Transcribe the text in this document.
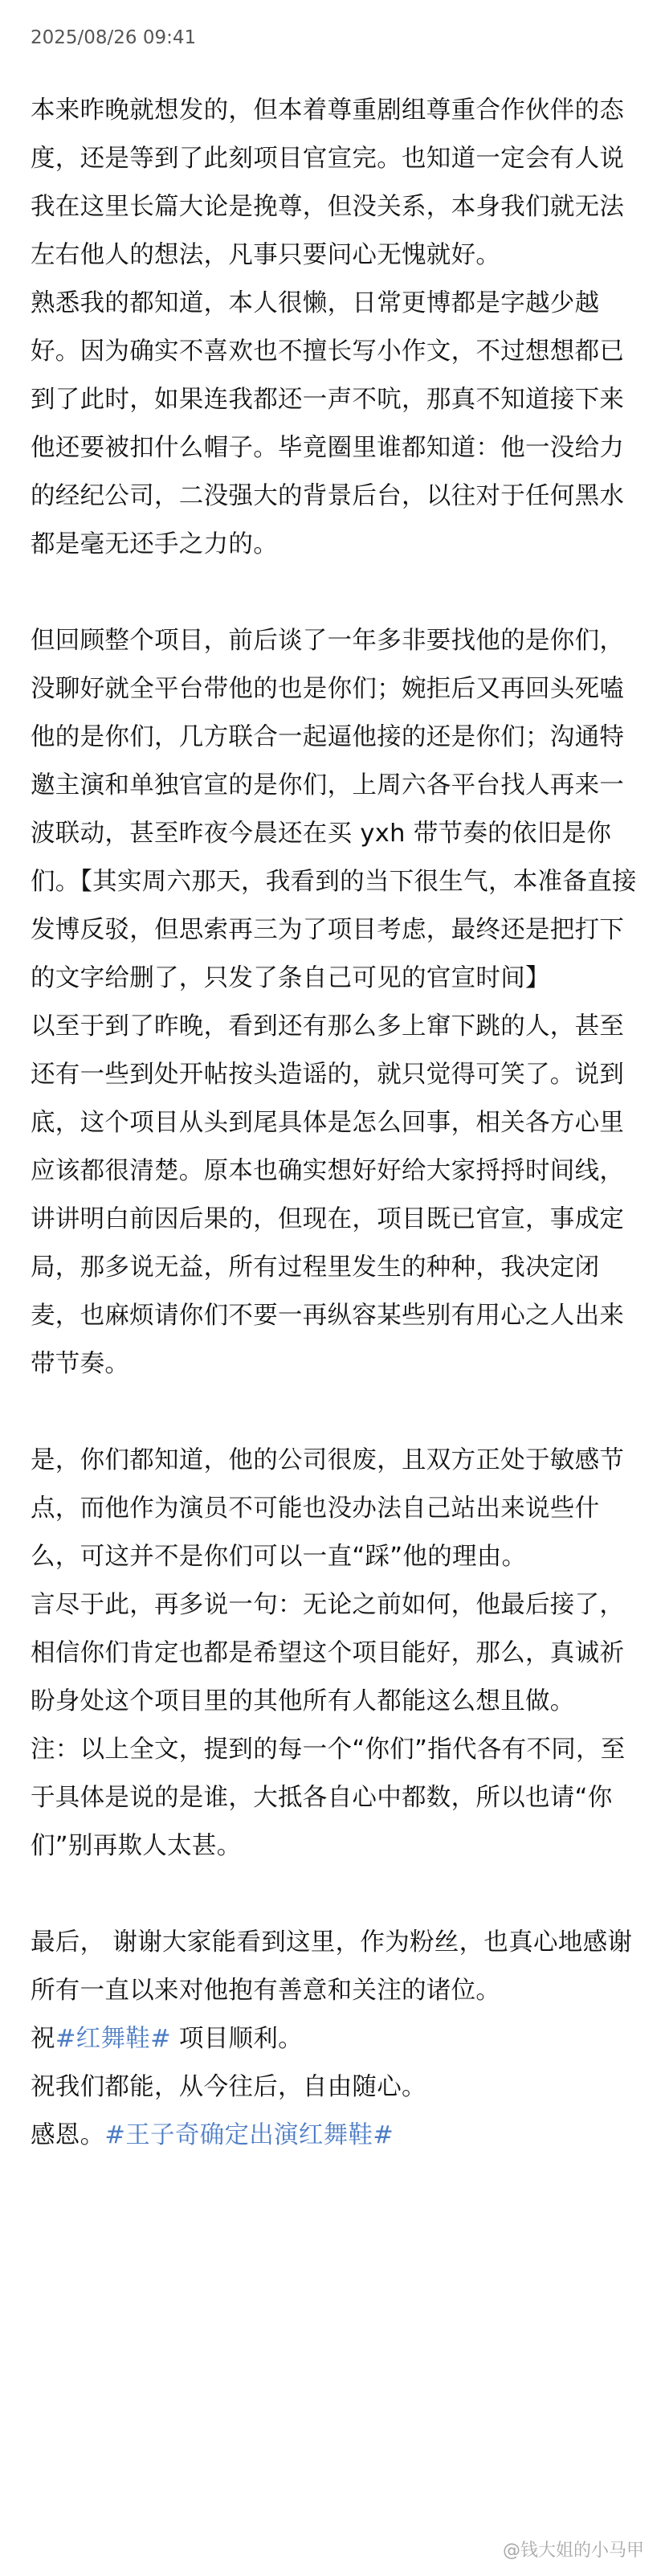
2025/08/26 09:41

本来昨晚就想发的，但本着尊重剧组尊重合作伙伴的态度，还是等到了此刻项目官宣完。也知道一定会有人说我在这里长篇大论是挽尊，但没关系，本身我们就无法左右他人的想法，凡事只要问心无愧就好。

熟悉我的都知道，本人很懒，日常更博都是字越少越好。因为确实不喜欢也不擅长写小作文，不过想想都已到了此时，如果连我都还一声不吭，那真不知道接下来他还要被扣什么帽子。毕竟圈里谁都知道：他一没给力的经纪公司，二没强大的背景后台，以往对于任何黑水都是毫无还手之力的。

但回顾整个项目，前后谈了一年多非要找他的是你们，没聊好就全平台带他的也是你们；婉拒后又再回头死嗑他的是你们，几方联合一起逼他接的还是你们；沟通特邀主演和单独官宣的是你们，上周六各平台找人再来一波联动，甚至昨夜今晨还在买 yxh 带节奏的依旧是你们。【其实周六那天，我看到的当下很生气，本准备直接发博反驳，但思索再三为了项目考虑，最终还是把打下的文字给删了，只发了条自己可见的官宣时间】

以至于到了昨晚，看到还有那么多上窜下跳的人，甚至还有一些到处开帖按头造谣的，就只觉得可笑了。说到底，这个项目从头到尾具体是怎么回事，相关各方心里应该都很清楚。原本也确实想好好给大家捋捋时间线，讲讲明白前因后果的，但现在，项目既已官宣，事成定局，那多说无益，所有过程里发生的种种，我决定闭麦，也麻烦请你们不要一再纵容某些别有用心之人出来带节奏。

是，你们都知道，他的公司很废，且双方正处于敏感节点，而他作为演员不可能也没办法自己站出来说些什么，可这并不是你们可以一直“踩”他的理由。

言尽于此，再多说一句：无论之前如何，他最后接了，相信你们肯定也都是希望这个项目能好，那么，真诚祈盼身处这个项目里的其他所有人都能这么想且做。

注：以上全文，提到的每一个“你们”指代各有不同，至于具体是说的是谁，大抵各自心中都数，所以也请“你们”别再欺人太甚。

最后， 谢谢大家能看到这里，作为粉丝，也真心地感谢所有一直以来对他抱有善意和关注的诸位。

祝#红舞鞋# 项目顺利。

祝我们都能，从今往后，自由随心。

感恩。#王子奇确定出演红舞鞋#

@钱大姐的小马甲
